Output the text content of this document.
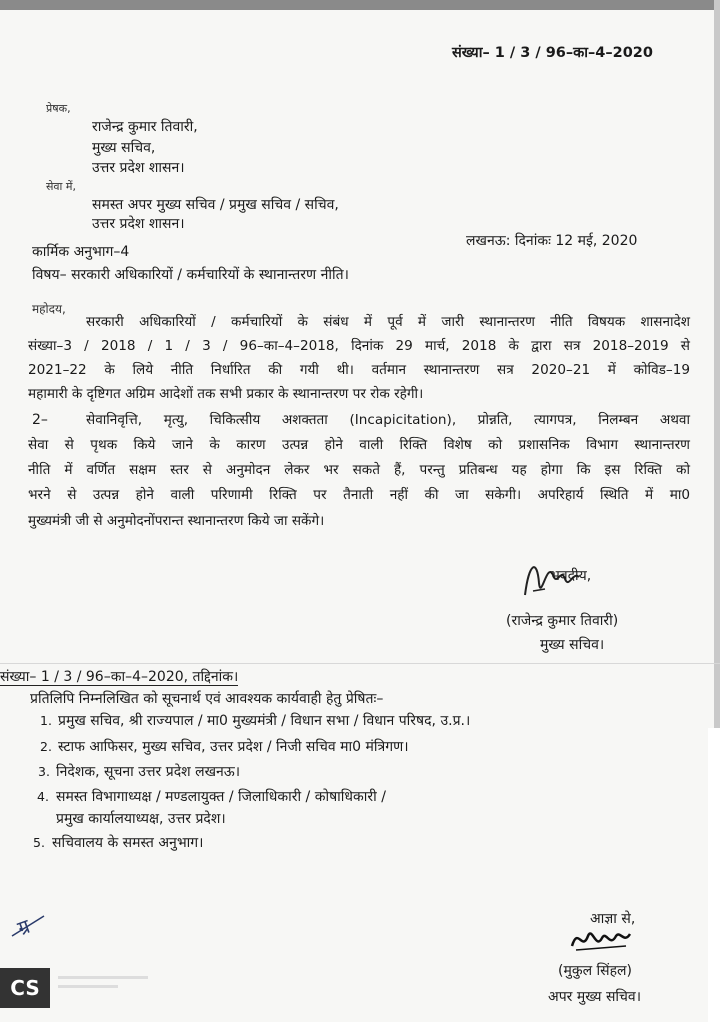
संख्या– 1 / 3 / 96–का–4–2020
प्रेषक,
राजेन्द्र कुमार तिवारी,
मुख्य सचिव,
उत्तर प्रदेश शासन।
सेवा में,
समस्त अपर मुख्य सचिव / प्रमुख सचिव / सचिव,
उत्तर प्रदेश शासन।
कार्मिक अनुभाग–4
लखनऊ: दिनांकः 12 मई, 2020
विषय– सरकारी अधिकारियों / कर्मचारियों के स्थानान्तरण नीति।
महोदय,
सरकारी अधिकारियों / कर्मचारियों के संबंध में पूर्व में जारी स्थानान्तरण नीति विषयक शासनादेश
संख्या–3 / 2018 / 1 / 3 / 96–का–4–2018, दिनांक 29 मार्च, 2018 के द्वारा सत्र 2018–2019 से
2021–22 के लिये नीति निर्धारित की गयी थी। वर्तमान स्थानान्तरण सत्र 2020–21 में कोविड–19
महामारी के दृष्टिगत अग्रिम आदेशों तक सभी प्रकार के स्थानान्तरण पर रोक रहेगी।
2–	सेवानिवृत्ति, मृत्यु, चिकित्सीय अशक्तता (Incapicitation), प्रोन्नति, त्यागपत्र, निलम्बन अथवा
सेवा से पृथक किये जाने के कारण उत्पन्न होने वाली रिक्ति विशेष को प्रशासनिक विभाग स्थानान्तरण
नीति में वर्णित सक्षम स्तर से अनुमोदन लेकर भर सकते हैं, परन्तु प्रतिबन्ध यह होगा कि इस रिक्ति को
भरने से उत्पन्न होने वाली परिणामी रिक्ति पर तैनाती नहीं की जा सकेगी। अपरिहार्य स्थिति में मा0
मुख्यमंत्री जी से अनुमोदनोंपरान्त स्थानान्तरण किये जा सकेंगे।
भवदीय,
(राजेन्द्र कुमार तिवारी)
मुख्य सचिव।
संख्या– 1 / 3 / 96–का–4–2020, तद्दिनांक।
प्रतिलिपि निम्नलिखित को सूचनार्थ एवं आवश्यक कार्यवाही हेतु प्रेषितः–
1. प्रमुख सचिव, श्री राज्यपाल / मा0 मुख्यमंत्री / विधान सभा / विधान परिषद, उ.प्र.।
2. स्टाफ आफिसर, मुख्य सचिव, उत्तर प्रदेश / निजी सचिव मा0 मंत्रिगण।
3. निदेशक, सूचना उत्तर प्रदेश लखनऊ।
4. समस्त विभागाध्यक्ष / मण्डलायुक्त / जिलाधिकारी / कोषाधिकारी /
प्रमुख कार्यालयाध्यक्ष, उत्तर प्रदेश।
5. सचिवालय के समस्त अनुभाग।
ग्र	आज्ञा से,
(मुकुल सिंहल)
अपर मुख्य सचिव।
CS
